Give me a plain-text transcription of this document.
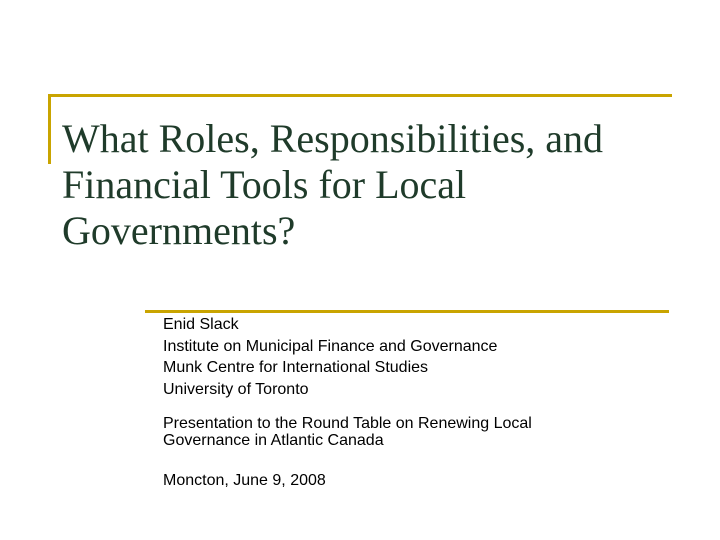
What Roles, Responsibilities, and
Financial Tools for Local
Governments?
Enid Slack
Institute on Municipal Finance and Governance
Munk Centre for International Studies
University of Toronto
Presentation to the Round Table on Renewing Local
Governance in Atlantic Canada
Moncton, June 9, 2008
